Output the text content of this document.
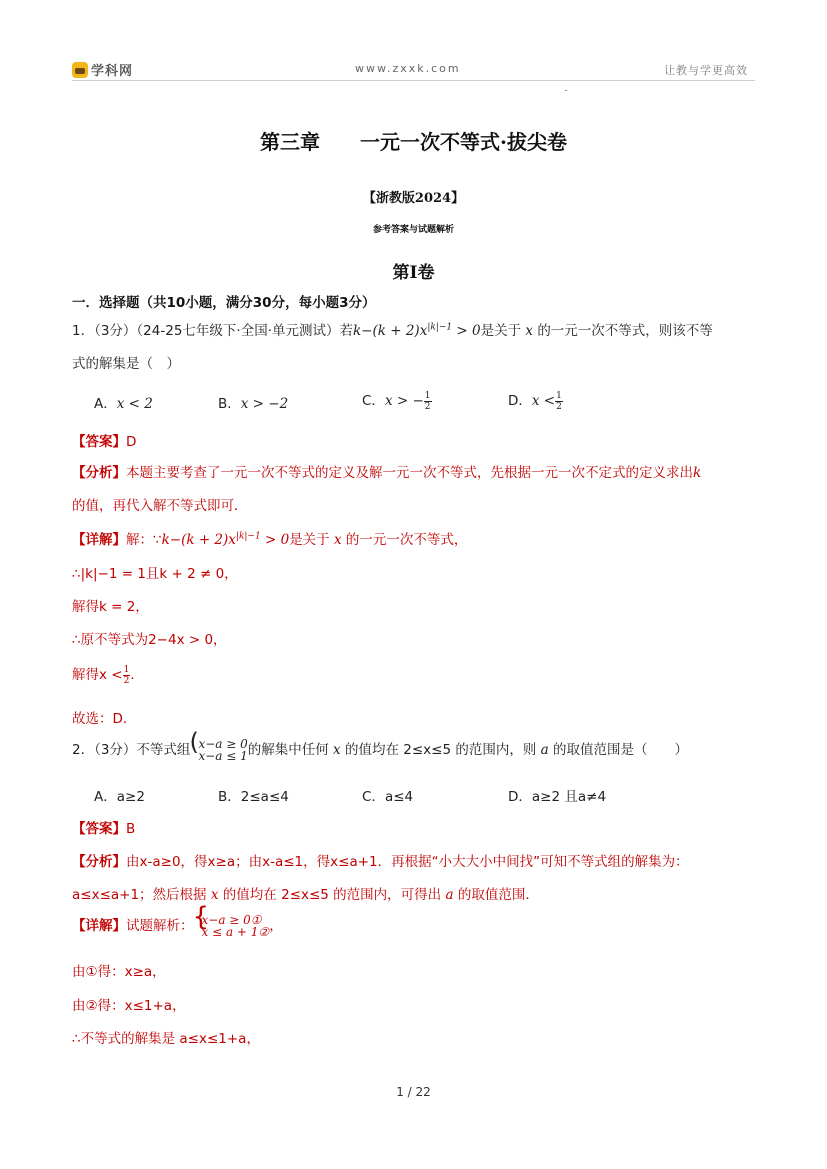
学科网	www.zxxk.com	让教与学更高效
第三章　　一元一次不等式·拔尖卷
【浙教版2024】
参考答案与试题解析
第I卷
一．选择题（共10小题，满分30分，每小题3分）
1．（3分）（24-25七年级下·全国·单元测试）若$k-(k + 2)x^{|k|-1} > 0$是关于 x 的一元一次不等式，则该不等
式的解集是（　）
A．x < 2	B．x > −2	C．x > − $\frac{1}{2}$	D．$x < \frac{1}{2}$
【答案】D
【分析】本题主要考查了一元一次不等式的定义及解一元一次不等式，先根据一元一次不定式的定义求出k
的值，再代入解不等式即可．
【详解】解：∵k−(k + $2)x^{|k|-1} > 0$是关于 x 的一元一次不等式，
∴|k|−1 = 1且k + 2 ≠ 0，
解得k = 2，
∴原不等式为2−4x > 0，
解得$x < \frac{1}{2}$ ．
故选：D．
2．（3分）不等式组 ( x−a ≥ 0
x−a ≤ 1 的解集中任何 x 的值均在 2≤x≤5 的范围内，则 a 的取值范围是（　　）
A．a≥2	B．2≤a≤4	C．a≤4	D．a≥2 且a≠4
【答案】B
【分析】由x-a≥0，得x≥a；由x-a≤1，得x≤a+1．再根据“小大大小中间找”可知不等式组的解集为：
a≤x≤a+1；然后根据 x 的值均在 2≤x≤5 的范围内，可得出 a 的取值范围．
【详解】试题解析： { x−a ≥ 0①
x ≤ a + 1② ，
由①得：x≥a，
由②得：x≤1+a，
∴不等式的解集是 a≤x≤1+a，
1 / 22
